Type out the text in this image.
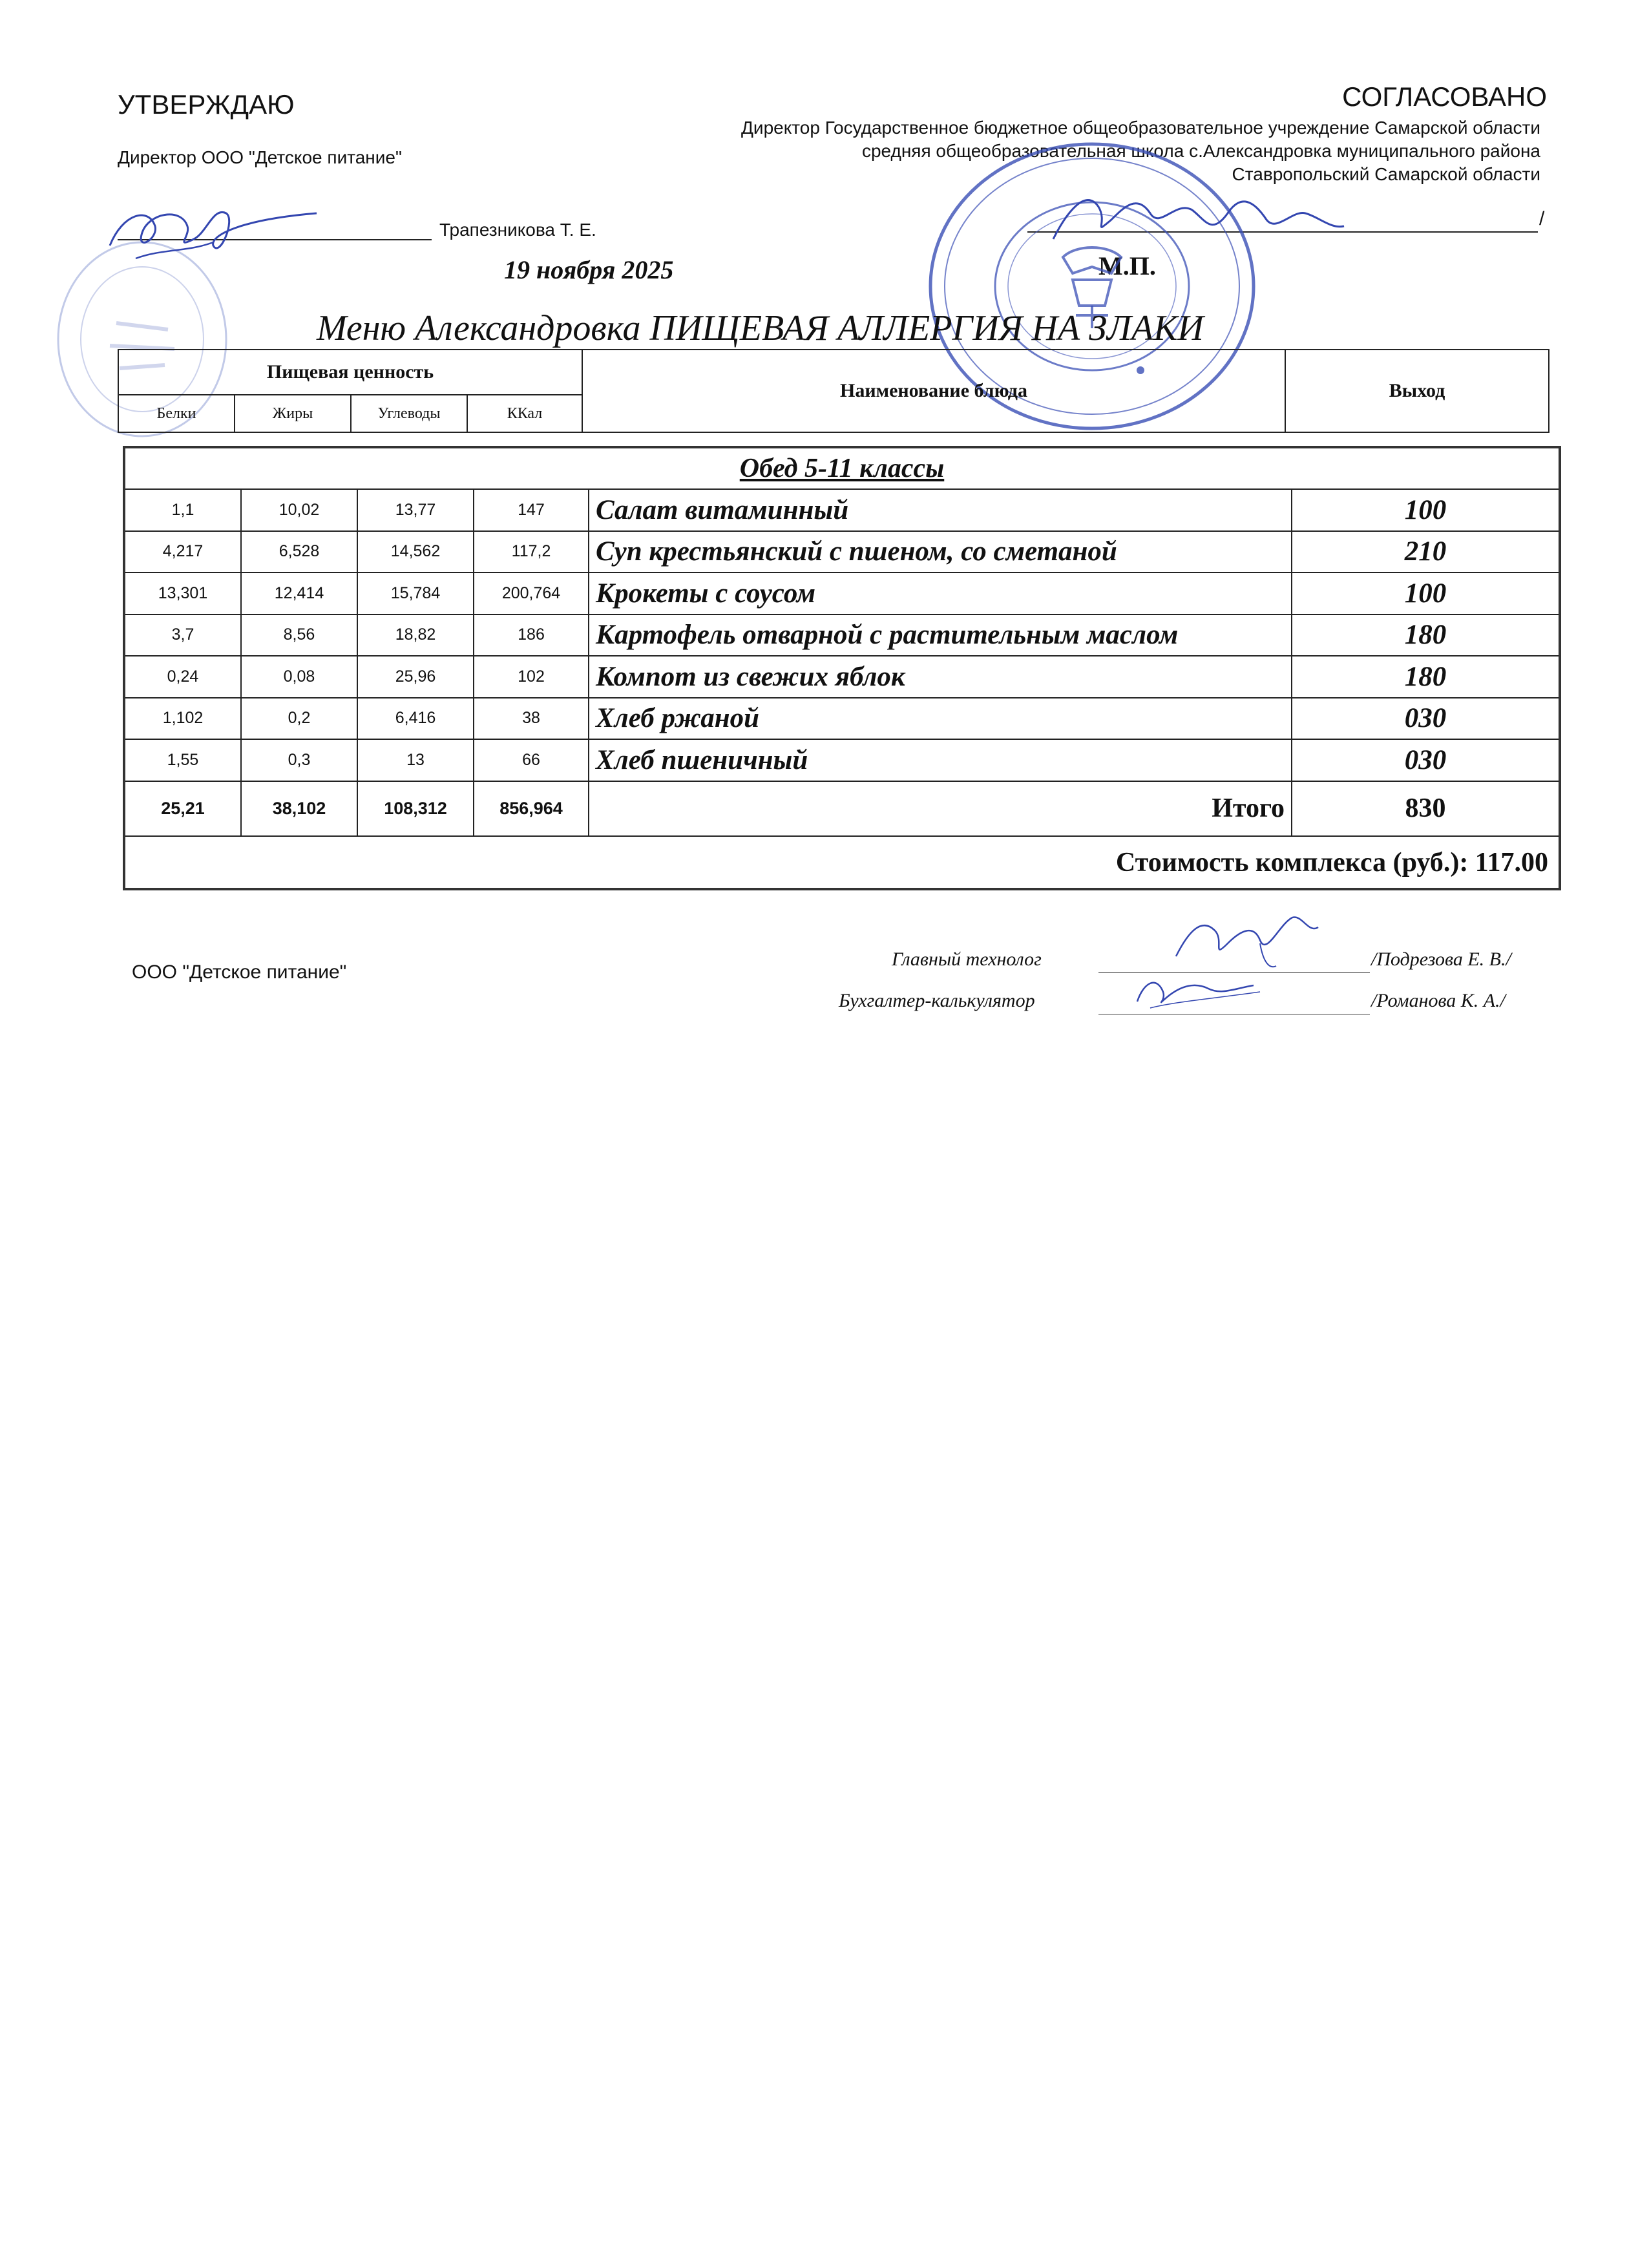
УТВЕРЖДАЮ
Директор ООО "Детское питание"
Трапезникова Т. Е.
19 ноября 2025
СОГЛАСОВАНО
Директор Государственное бюджетное общеобразовательное учреждение Самарской области средняя общеобразовательная школа с.Александровка муниципального района Ставропольский Самарской области
/
М.П.
Меню Александровка ПИЩЕВАЯ АЛЛЕРГИЯ НА ЗЛАКИ
Пищевая ценность
Белки	Жиры	Углеводы	ККал
Наименование блюда	Выход
Обед 5-11 классы
1,1	10,02	13,77	147	Салат витаминный	100
4,217	6,528	14,562	117,2	Суп крестьянский с пшеном, со сметаной	210
13,301	12,414	15,784	200,764	Крокеты с соусом	100
3,7	8,56	18,82	186	Картофель отварной с растительным маслом	180
0,24	0,08	25,96	102	Компот из свежих яблок	180
1,102	0,2	6,416	38	Хлеб ржаной	030
1,55	0,3	13	66	Хлеб пшеничный	030
25,21	38,102	108,312	856,964	Итого	830
Стоимость комплекса (руб.): 117.00
ООО "Детское питание"
Главный технолог	/Подрезова Е. В./
Бухгалтер-калькулятор	/Романова К. А./
